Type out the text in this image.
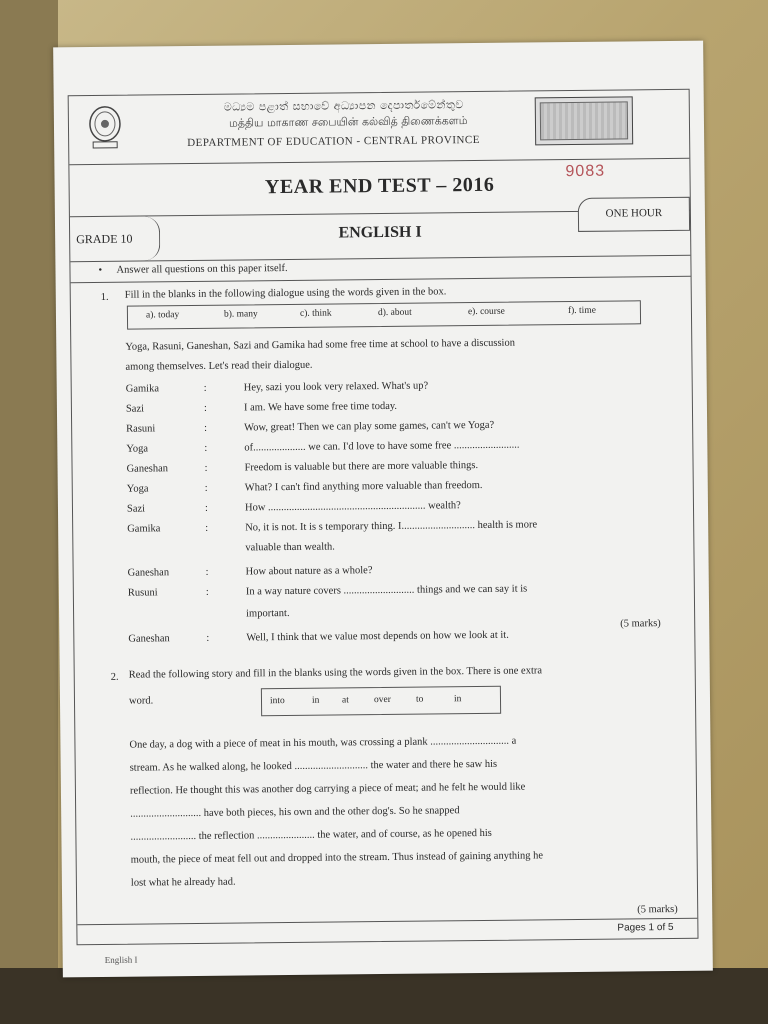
මධ්‍යම පළාත් සභාවේ අධ්‍යාපන දෙපාර්තමේන්තුව
மத்திய மாகாண சபையின் கல்வித் திணைக்களம்
DEPARTMENT OF EDUCATION - CENTRAL PROVINCE
9083
YEAR END TEST – 2016
GRADE 10	ENGLISH I
ONE HOUR
• Answer all questions on this paper itself.
1. Fill in the blanks in the following dialogue using the words given in the box.
a). today	b). many	c). think	d). about	e). course	f). time
Yoga, Rasuni, Ganeshan, Sazi and Gamika had some free time at school to have a discussion
among themselves. Let's read their dialogue.
Gamika	:	Hey, sazi you look very relaxed. What's up?
Sazi	:	I am. We have some free time today.
Rasuni	:	Wow, great! Then we can play some games, can't we Yoga?
Yoga	:	of.................... we can. I'd love to have some free .........................
Ganeshan	:	Freedom is valuable but there are more valuable things.
Yoga	:	What? I can't find anything more valuable than freedom.
Sazi	:	How ............................................................ wealth?
Gamika	:	No, it is not. It is s temporary thing. I............................ health is more
valuable than wealth.
Ganeshan	:	How about nature as a whole?
Rusuni	:	In a way nature covers ........................... things and we can say it is
important.
Ganeshan	:	Well, I think that we value most depends on how we look at it.
(5 marks)
2. Read the following story and fill in the blanks using the words given in the box. There is one extra
word.	into	in at	over	to	in
One day, a dog with a piece of meat in his mouth, was crossing a plank .............................. a
stream. As he walked along, he looked ............................ the water and there he saw his
reflection. He thought this was another dog carrying a piece of meat; and he felt he would like
........................... have both pieces, his own and the other dog's. So he snapped
......................... the reflection ...................... the water, and of course, as he opened his
mouth, the piece of meat fell out and dropped into the stream. Thus instead of gaining anything he
lost what he already had.
(5 marks)
Pages 1 of 5
English I
